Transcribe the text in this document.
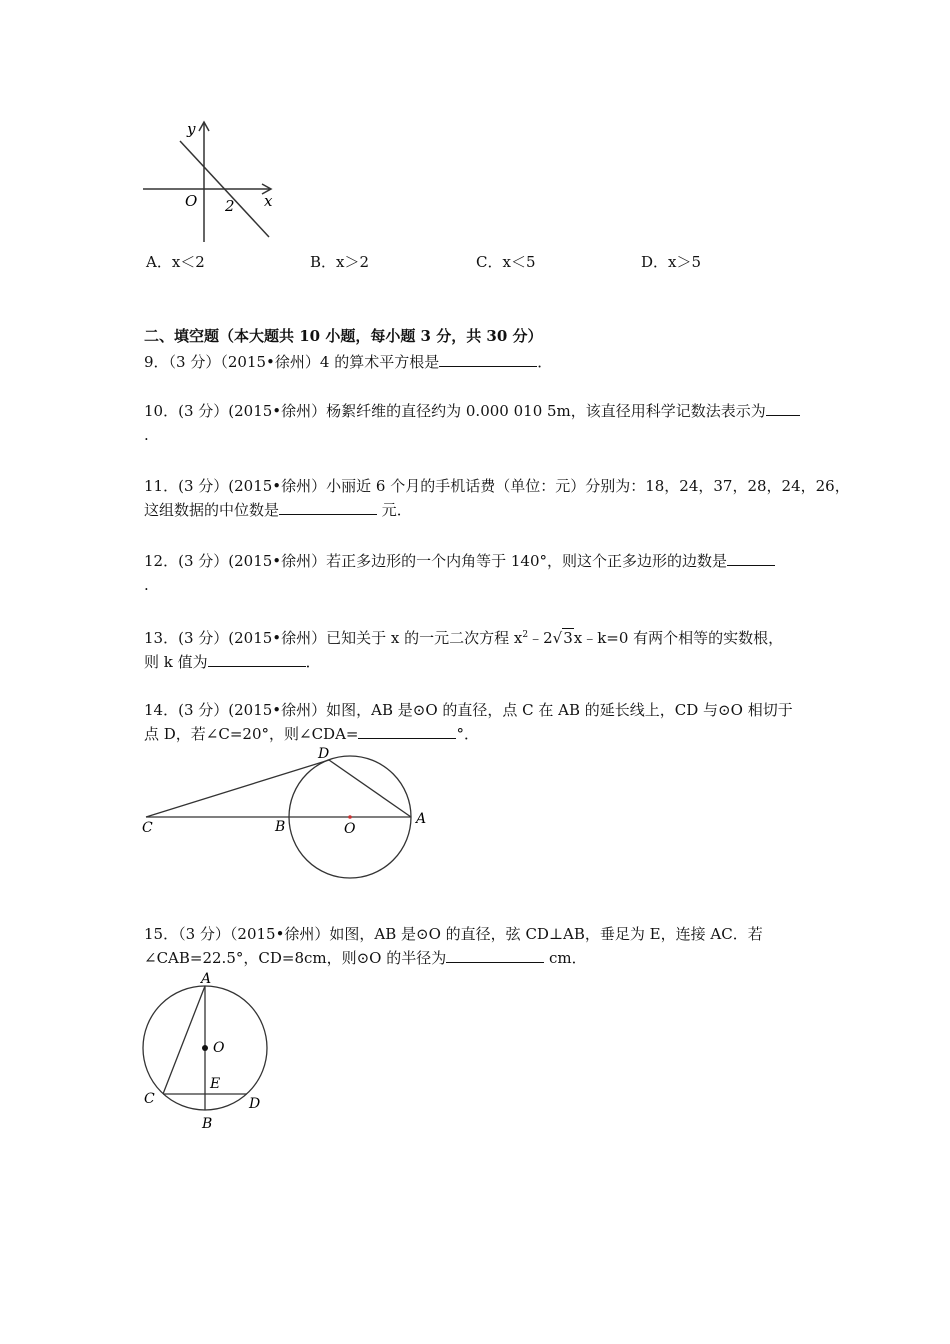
y
x
O 2
A．x＜2	B．x＞2	C．x＜5	D．x＞5
二、填空题（本大题共 10 小题，每小题 3 分，共 30 分）
9．（3 分）（2015•徐州）4 的算术平方根是	．
10．(3 分）(2015•徐州）杨絮纤维的直径约为 0.000 010 5m，该直径用科学记数法表示为
.
11．(3 分）(2015•徐州）小丽近 6 个月的手机话费（单位：元）分别为：18，24，37，28，24，26，
这组数据的中位数是	元．
12．(3 分）(2015•徐州）若正多边形的一个内角等于 140°，则这个正多边形的边数是
.
13．(3 分）(2015•徐州）已知关于 x 的一元二次方程 $x^2﹣2√3x﹣k=0$ 有两个相等的实数根，
则 k 值为	．
14．(3 分）(2015•徐州）如图，AB 是⊙O 的直径，点 C 在 AB 的延长线上，CD 与⊙O 相切于
点 D，若∠C=20°，则∠CDA=	°．
C	B	O
A
D
15．（3 分）（2015•徐州）如图，AB 是⊙O 的直径，弦 CD⊥AB，垂足为 E，连接 AC．若
∠CAB=22.5°，CD=8cm，则⊙O 的半径为	cm．
A
O
E
C	D
B
